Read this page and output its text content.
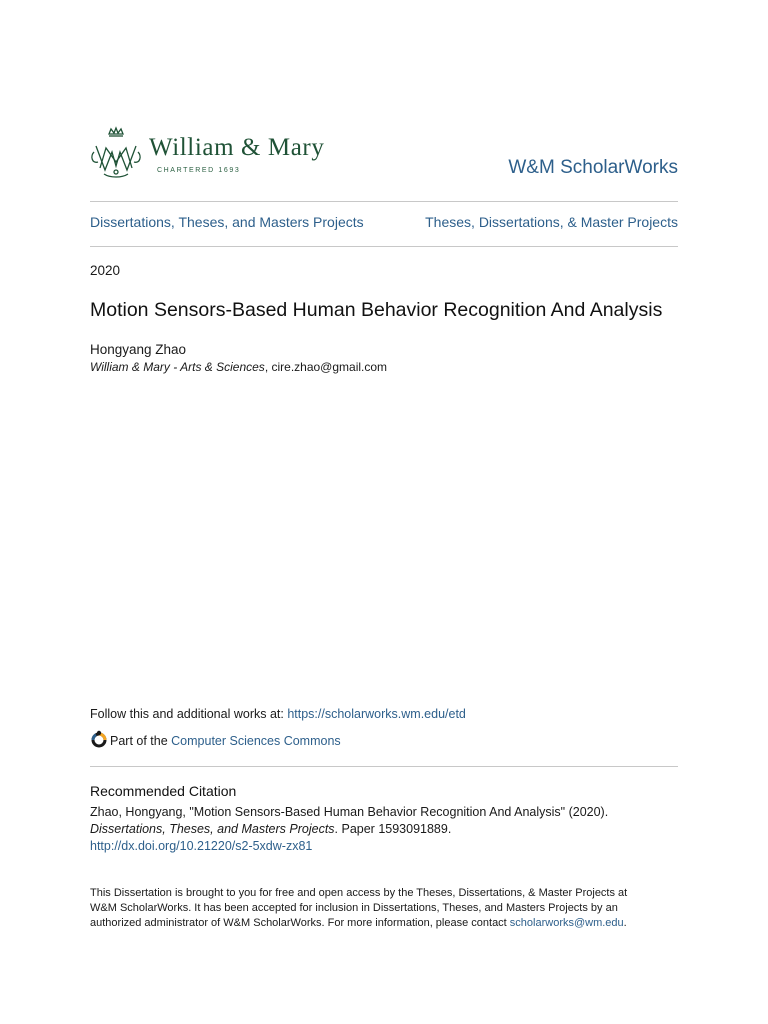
William & Mary
CHARTERED 1693	W&M ScholarWorks
Dissertations, Theses, and Masters Projects	Theses, Dissertations, & Master Projects
2020
Motion Sensors-Based Human Behavior Recognition And Analysis
Hongyang Zhao
William & Mary - Arts & Sciences, cire.zhao@gmail.com
Follow this and additional works at: https://scholarworks.wm.edu/etd
Part of the Computer Sciences Commons
Recommended Citation
Zhao, Hongyang, "Motion Sensors-Based Human Behavior Recognition And Analysis" (2020).
Dissertations, Theses, and Masters Projects. Paper 1593091889.
http://dx.doi.org/10.21220/s2-5xdw-zx81
This Dissertation is brought to you for free and open access by the Theses, Dissertations, & Master Projects at
W&M ScholarWorks. It has been accepted for inclusion in Dissertations, Theses, and Masters Projects by an
authorized administrator of W&M ScholarWorks. For more information, please contact scholarworks@wm.edu.
